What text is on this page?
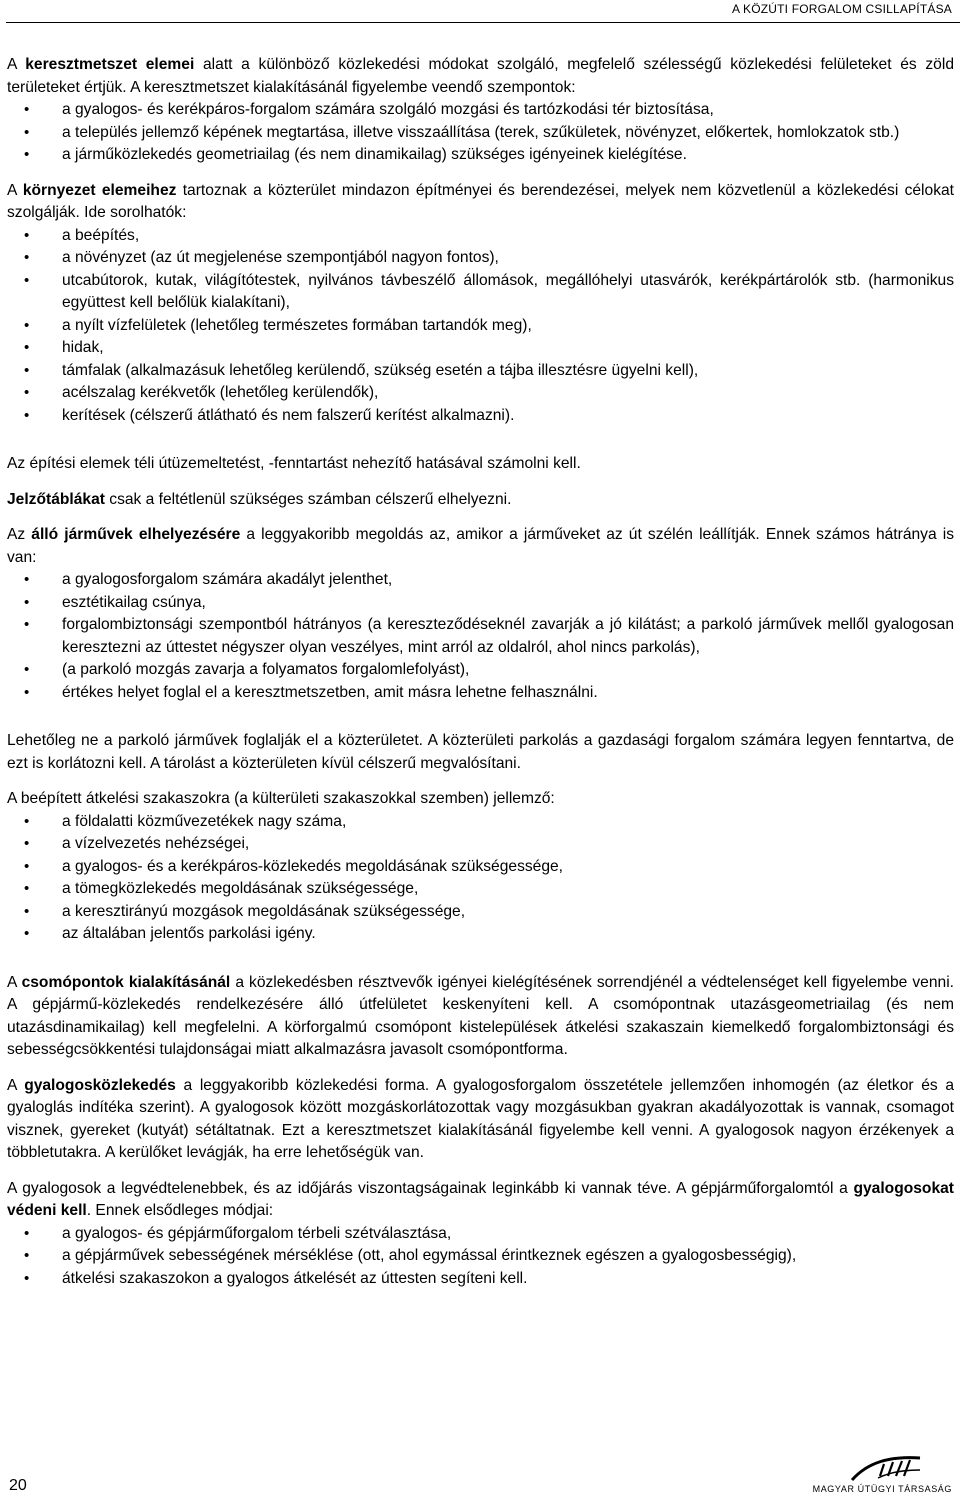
A KÖZÚTI FORGALOM CSILLAPÍTÁSA

A keresztmetszet elemei alatt a különböző közlekedési módokat szolgáló, megfelelő szélességű közlekedési felületeket és zöld területeket értjük. A keresztmetszet kialakításánál figyelembe veendő szempontok:

• a gyalogos- és kerékpáros-forgalom számára szolgáló mozgási és tartózkodási tér biztosítása,
• a település jellemző képének megtartása, illetve visszaállítása (terek, szűkületek, növényzet, előkertek, homlokzatok stb.)
• a járműközlekedés geometriailag (és nem dinamikailag) szükséges igényeinek kielégítése.

A környezet elemeihez tartoznak a közterület mindazon építményei és berendezései, melyek nem közvetlenül a közlekedési célokat szolgálják. Ide sorolhatók:

• a beépítés,
• a növényzet (az út megjelenése szempontjából nagyon fontos),
• utcabútorok, kutak, világítótestek, nyilvános távbeszélő állomások, megállóhelyi utasvárók, kerékpártárolók stb. (harmonikus együttest kell belőlük kialakítani),
• a nyílt vízfelületek (lehetőleg természetes formában tartandók meg),
• hidak,
• támfalak (alkalmazásuk lehetőleg kerülendő, szükség esetén a tájba illesztésre ügyelni kell),
• acélszalag kerékvetők (lehetőleg kerülendők),
• kerítések (célszerű átlátható és nem falszerű kerítést alkalmazni).

Az építési elemek téli útüzemeltetést, -fenntartást nehezítő hatásával számolni kell.

Jelzőtáblákat csak a feltétlenül szükséges számban célszerű elhelyezni.

Az álló járművek elhelyezésére a leggyakoribb megoldás az, amikor a járműveket az út szélén leállítják. Ennek számos hátránya is van:

• a gyalogosforgalom számára akadályt jelenthet,
• esztétikailag csúnya,
• forgalombiztonsági szempontból hátrányos (a kereszteződéseknél zavarják a jó kilátást; a parkoló járművek mellől gyalogosan keresztezni az úttestet négyszer olyan veszélyes, mint arról az oldalról, ahol nincs parkolás),
• (a parkoló mozgás zavarja a folyamatos forgalomlefolyást),
• értékes helyet foglal el a keresztmetszetben, amit másra lehetne felhasználni.

Lehetőleg ne a parkoló járművek foglalják el a közterületet. A közterületi parkolás a gazdasági forgalom számára legyen fenntartva, de ezt is korlátozni kell. A tárolást a közterületen kívül célszerű megvalósítani.

A beépített átkelési szakaszokra (a külterületi szakaszokkal szemben) jellemző:

• a földalatti közművezetékek nagy száma,
• a vízelvezetés nehézségei,
• a gyalogos- és a kerékpáros-közlekedés megoldásának szükségessége,
• a tömegközlekedés megoldásának szükségessége,
• a keresztirányú mozgások megoldásának szükségessége,
• az általában jelentős parkolási igény.

A csomópontok kialakításánál a közlekedésben résztvevők igényei kielégítésének sorrendjénél a védtelenséget kell figyelembe venni. A gépjármű-közlekedés rendelkezésére álló útfelületet keskenyíteni kell. A csomópontnak utazásgeometriailag (és nem utazásdinamikailag) kell megfelelni. A körforgalmú csomópont kistelepülések átkelési szakaszain kiemelkedő forgalombiztonsági és sebességcsökkentési tulajdonságai miatt alkalmazásra javasolt csomópontforma.

A gyalogosközlekedés a leggyakoribb közlekedési forma. A gyalogosforgalom összetétele jellemzően inhomogén (az életkor és a gyaloglás indítéka szerint). A gyalogosok között mozgáskorlátozottak vagy mozgásukban gyakran akadályozottak is vannak, csomagot visznek, gyereket (kutyát) sétáltatnak. Ezt a keresztmetszet kialakításánál figyelembe kell venni. A gyalogosok nagyon érzékenyek a többletutakra. A kerülőket levágják, ha erre lehetőségük van.

A gyalogosok a legvédtelenebbek, és az időjárás viszontagságainak leginkább ki vannak téve. A gépjárműforgalomtól a gyalogosokat védeni kell. Ennek elsődleges módjai:

• a gyalogos- és gépjárműforgalom térbeli szétválasztása,
• a gépjárművek sebességének mérséklése (ott, ahol egymással érintkeznek egészen a gyalogosbességig),
• átkelési szakaszokon a gyalogos átkelését az úttesten segíteni kell.
20	MAGYAR ÚTÜGYI TÁRSASÁG
